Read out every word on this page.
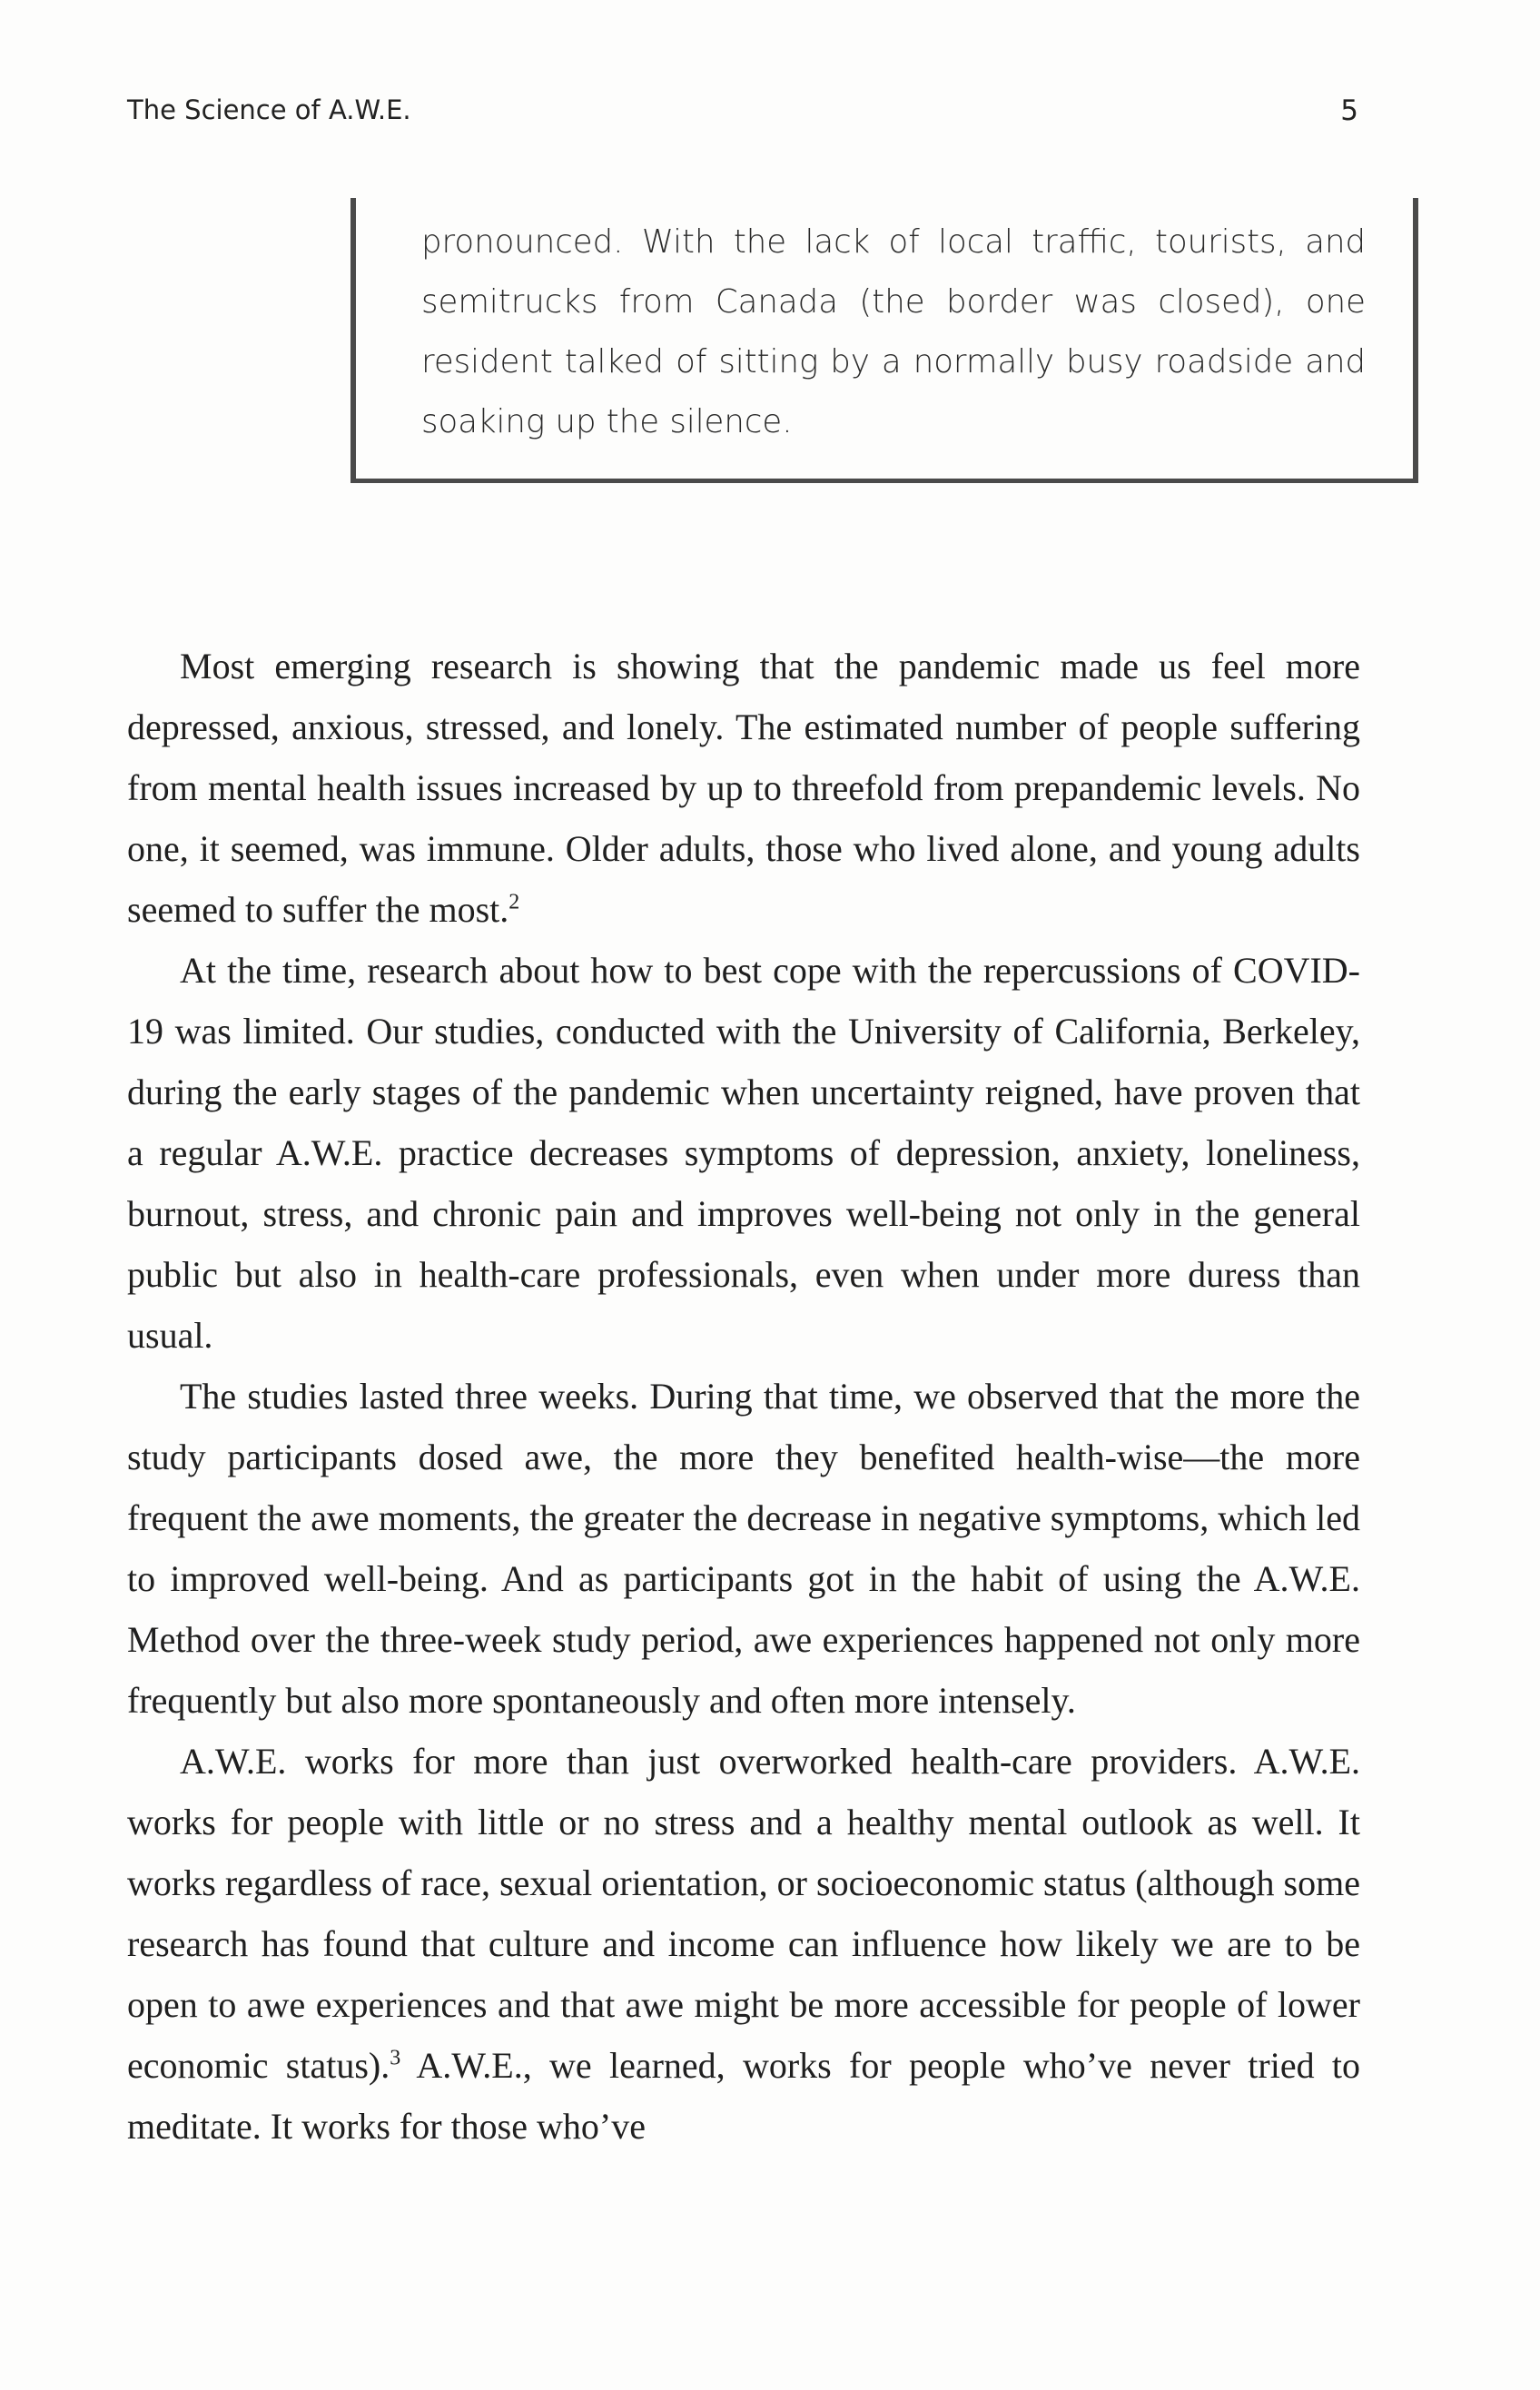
The Science of A.W.E.	5

pronounced. With the lack of local traffic, tourists, and semitrucks from Canada (the border was closed), one resident talked of sitting by a normally busy roadside and soaking up the silence.

Most emerging research is showing that the pandemic made us feel more depressed, anxious, stressed, and lonely. The estimated number of people suffering from mental health issues increased by up to threefold from prepandemic levels. No one, it seemed, was immune. Older adults, those who lived alone, and young adults seemed to suffer the most.$^2$

At the time, research about how to best cope with the repercussions of COVID-19 was limited. Our studies, conducted with the University of California, Berkeley, during the early stages of the pandemic when uncertainty reigned, have proven that a regular A.W.E. practice decreases symptoms of depression, anxiety, loneliness, burnout, stress, and chronic pain and improves well-being not only in the general public but also in health-care professionals, even when under more duress than usual.

The studies lasted three weeks. During that time, we observed that the more the study participants dosed awe, the more they benefited health-wise—the more frequent the awe moments, the greater the decrease in negative symptoms, which led to improved well-being. And as participants got in the habit of using the A.W.E. Method over the three-week study period, awe experiences happened not only more frequently but also more spontaneously and often more intensely.

A.W.E. works for more than just overworked health-care providers. A.W.E. works for people with little or no stress and a healthy mental outlook as well. It works regardless of race, sexual orientation, or socioeconomic status (although some research has found that culture and income can influence how likely we are to be open to awe experiences and that awe might be more accessible for people of lower economic status).$^3$ A.W.E., we learned, works for people who’ve never tried to meditate. It works for those who’ve
